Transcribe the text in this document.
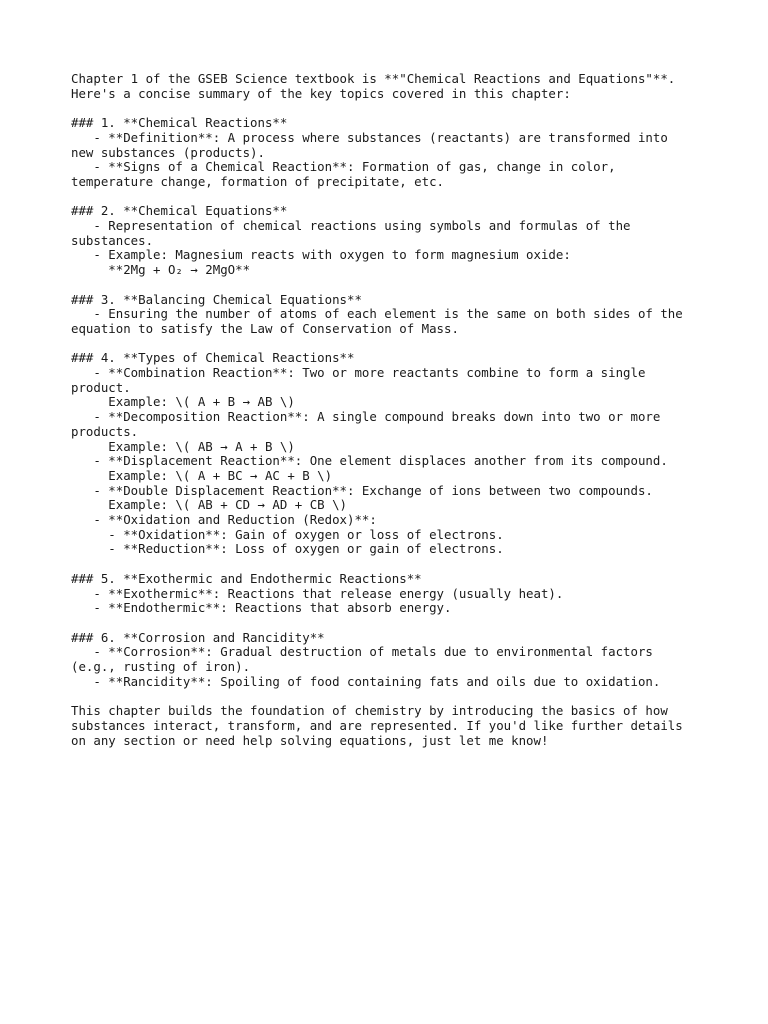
Chapter 1 of the GSEB Science textbook is **"Chemical Reactions and Equations"**.
Here's a concise summary of the key topics covered in this chapter:
### 1. **Chemical Reactions**
- **Definition**: A process where substances (reactants) are transformed into
new substances (products).
- **Signs of a Chemical Reaction**: Formation of gas, change in color,
temperature change, formation of precipitate, etc.
### 2. **Chemical Equations**
- Representation of chemical reactions using symbols and formulas of the
substances.
- Example: Magnesium reacts with oxygen to form magnesium oxide:
**2Mg + O₂ → 2MgO**
### 3. **Balancing Chemical Equations**
- Ensuring the number of atoms of each element is the same on both sides of the
equation to satisfy the Law of Conservation of Mass.
### 4. **Types of Chemical Reactions**
- **Combination Reaction**: Two or more reactants combine to form a single
product.
Example: \( A + B → AB \)
- **Decomposition Reaction**: A single compound breaks down into two or more
products.
Example: \( AB → A + B \)
- **Displacement Reaction**: One element displaces another from its compound.
Example: \( A + BC → AC + B \)
- **Double Displacement Reaction**: Exchange of ions between two compounds.
Example: \( AB + CD → AD + CB \)
- **Oxidation and Reduction (Redox)**:
- **Oxidation**: Gain of oxygen or loss of electrons.
- **Reduction**: Loss of oxygen or gain of electrons.
### 5. **Exothermic and Endothermic Reactions**
- **Exothermic**: Reactions that release energy (usually heat).
- **Endothermic**: Reactions that absorb energy.
### 6. **Corrosion and Rancidity**
- **Corrosion**: Gradual destruction of metals due to environmental factors
(e.g., rusting of iron).
- **Rancidity**: Spoiling of food containing fats and oils due to oxidation.
This chapter builds the foundation of chemistry by introducing the basics of how
substances interact, transform, and are represented. If you'd like further details
on any section or need help solving equations, just let me know!
